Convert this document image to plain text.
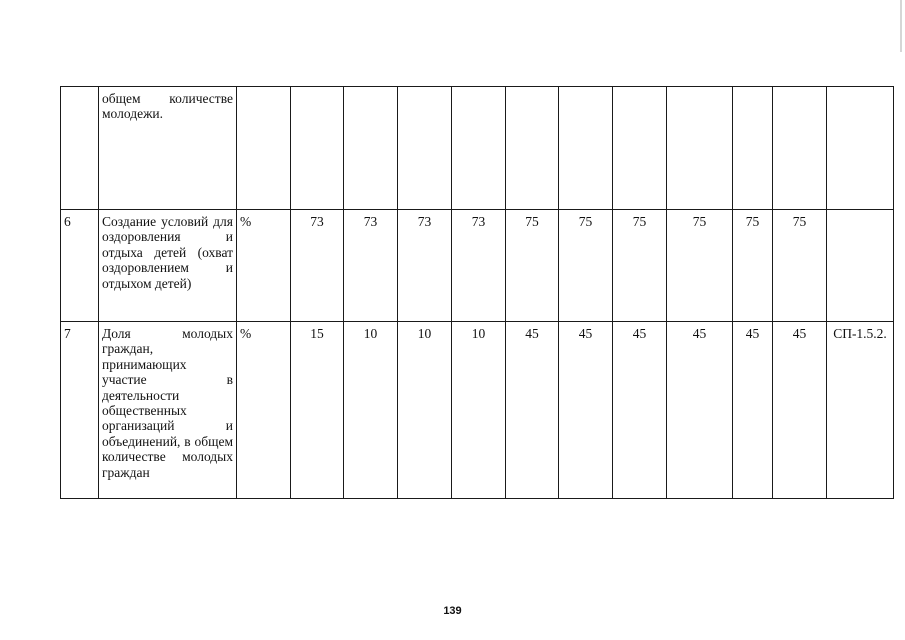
	общем количестве молодежи.												
6	Создание условий для оздоровления и отдыха детей (охват оздоровлением и отдыхом детей)	%	73	73	73	73	75	75	75	75	75	75	
7	Доля молодых граждан, принимающих участие в деятельности общественных организаций и объединений, в общем количестве молодых граждан	%	15	10	10	10	45	45	45	45	45	45	СП-1.5.2.
139
